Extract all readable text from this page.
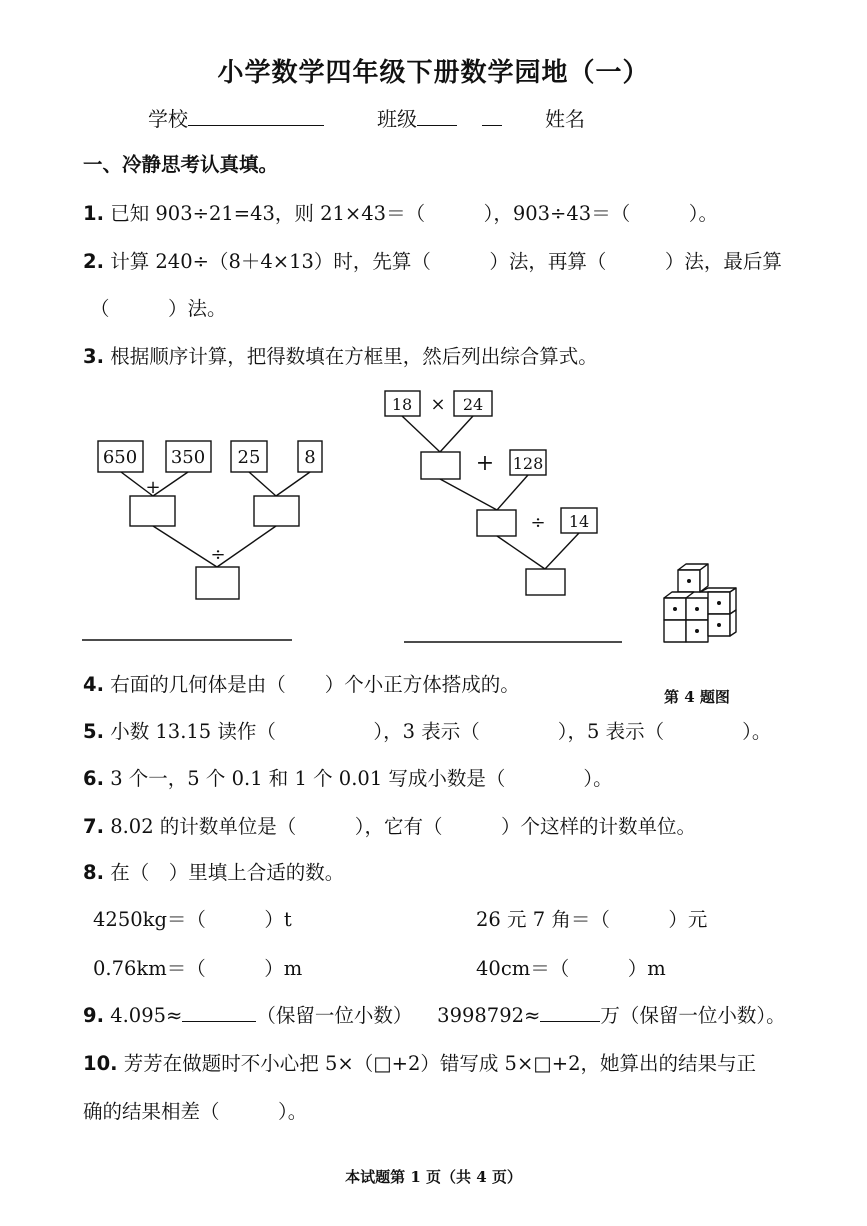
小学数学四年级下册数学园地（一）
学校	班级	姓名
一、冷静思考认真填。
1. 已知 903÷21=43，则 21×43＝（　　　），903÷43＝（　　　）。
2. 计算 240÷（8＋4×13）时，先算（　　　）法，再算（　　　）法，最后算
（　　　）法。
3. 根据顺序计算，把得数填在方框里，然后列出综合算式。
650 350 25 8
+
÷
18 × 24
+ 128
÷ 14
第 4 题图
4. 右面的几何体是由（　　）个小正方体搭成的。
5. 小数 13.15 读作（　　　　　），3 表示（　　　　），5 表示（　　　　）。
6. 3 个一，5 个 0.1 和 1 个 0.01 写成小数是（　　　　）。
7. 8.02 的计数单位是（　　　），它有（　　　）个这样的计数单位。
8. 在（　）里填上合适的数。
4250kg＝（　　　）t	26 元 7 角＝（　　　）元
0.76km＝（　　　）m	40cm＝（　　　）m
9. 4.095≈	（保留一位小数） 3998792≈	万（保留一位小数）。
10. 芳芳在做题时不小心把 5×（□+2）错写成 5×□+2，她算出的结果与正
确的结果相差（　　　）。
本试题第 1 页（共 4 页）
